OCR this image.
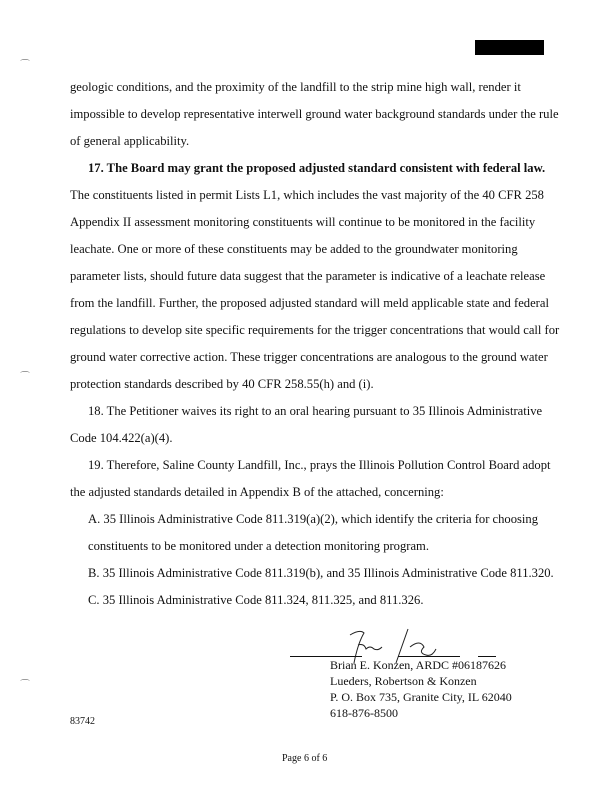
⌒
⌒
⌒
geologic conditions, and the proximity of the landfill to the strip mine high wall, render it
impossible to develop representative interwell ground water background standards under the rule
of general applicability.
17. The Board may grant the proposed adjusted standard consistent with federal law.
The constituents listed in permit Lists L1, which includes the vast majority of the 40 CFR 258
Appendix II assessment monitoring constituents will continue to be monitored in the facility
leachate. One or more of these constituents may be added to the groundwater monitoring
parameter lists, should future data suggest that the parameter is indicative of a leachate release
from the landfill. Further, the proposed adjusted standard will meld applicable state and federal
regulations to develop site specific requirements for the trigger concentrations that would call for
ground water corrective action. These trigger concentrations are analogous to the ground water
protection standards described by 40 CFR 258.55(h) and (i).
18. The Petitioner waives its right to an oral hearing pursuant to 35 Illinois Administrative
Code 104.422(a)(4).
19. Therefore, Saline County Landfill, Inc., prays the Illinois Pollution Control Board adopt
the adjusted standards detailed in Appendix B of the attached, concerning:
A. 35 Illinois Administrative Code 811.319(a)(2), which identify the criteria for choosing
constituents to be monitored under a detection monitoring program.
B. 35 Illinois Administrative Code 811.319(b), and 35 Illinois Administrative Code 811.320.
C. 35 Illinois Administrative Code 811.324, 811.325, and 811.326.
Brian E. Konzen, ARDC #06187626
Lueders, Robertson & Konzen
P. O. Box 735, Granite City, IL 62040
618-876-8500
83742
Page 6 of 6
